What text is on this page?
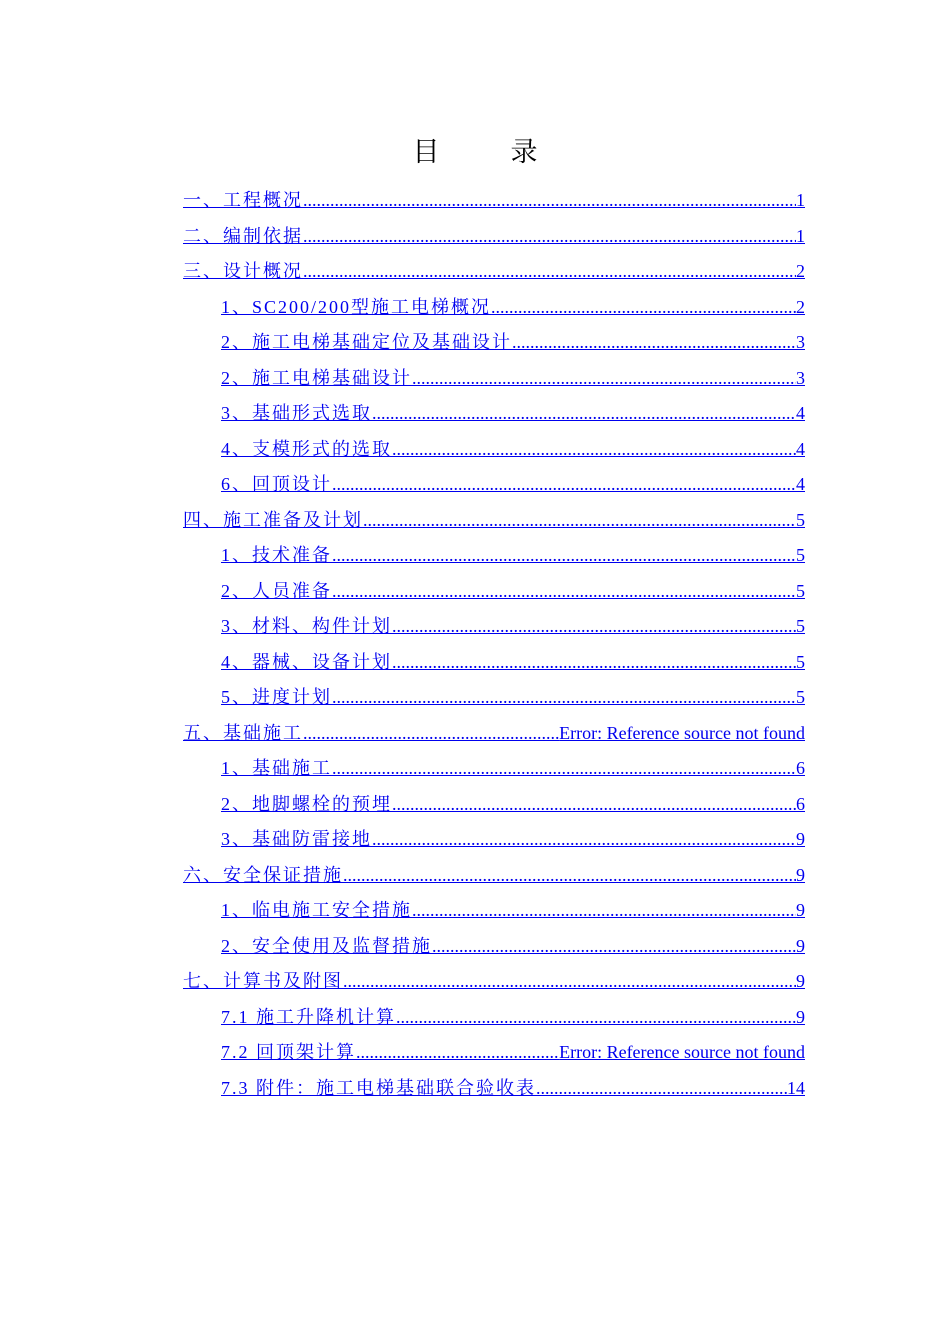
目　录
一、工程概况 .....	1
二、编制依据 .....	1
三、设计概况 .....	2
1、SC200/200型施工电梯概况 .....	2
2、施工电梯基础定位及基础设计 .....	3
2、施工电梯基础设计 .....	3
3、基础形式选取 .....	4
4、支模形式的选取 .....	4
6、回顶设计 .....	4
四、施工准备及计划 .....	5
1、技术准备 .....	5
2、人员准备 .....	5
3、材料、构件计划 .....	5
4、器械、设备计划 .....	5
5、进度计划 .....	5
五、基础施工 .....	Error: Reference source not found
1、基础施工 .....	6
2、地脚螺栓的预埋 .....	6
3、基础防雷接地 .....	9
六、安全保证措施 .....	9
1、临电施工安全措施 .....	9
2、安全使用及监督措施 .....	9
七、计算书及附图 .....	9
7.1 施工升降机计算 .....	9
7.2 回顶架计算 .....	Error: Reference source not found
7.3 附件：施工电梯基础联合验收表 .....	14
